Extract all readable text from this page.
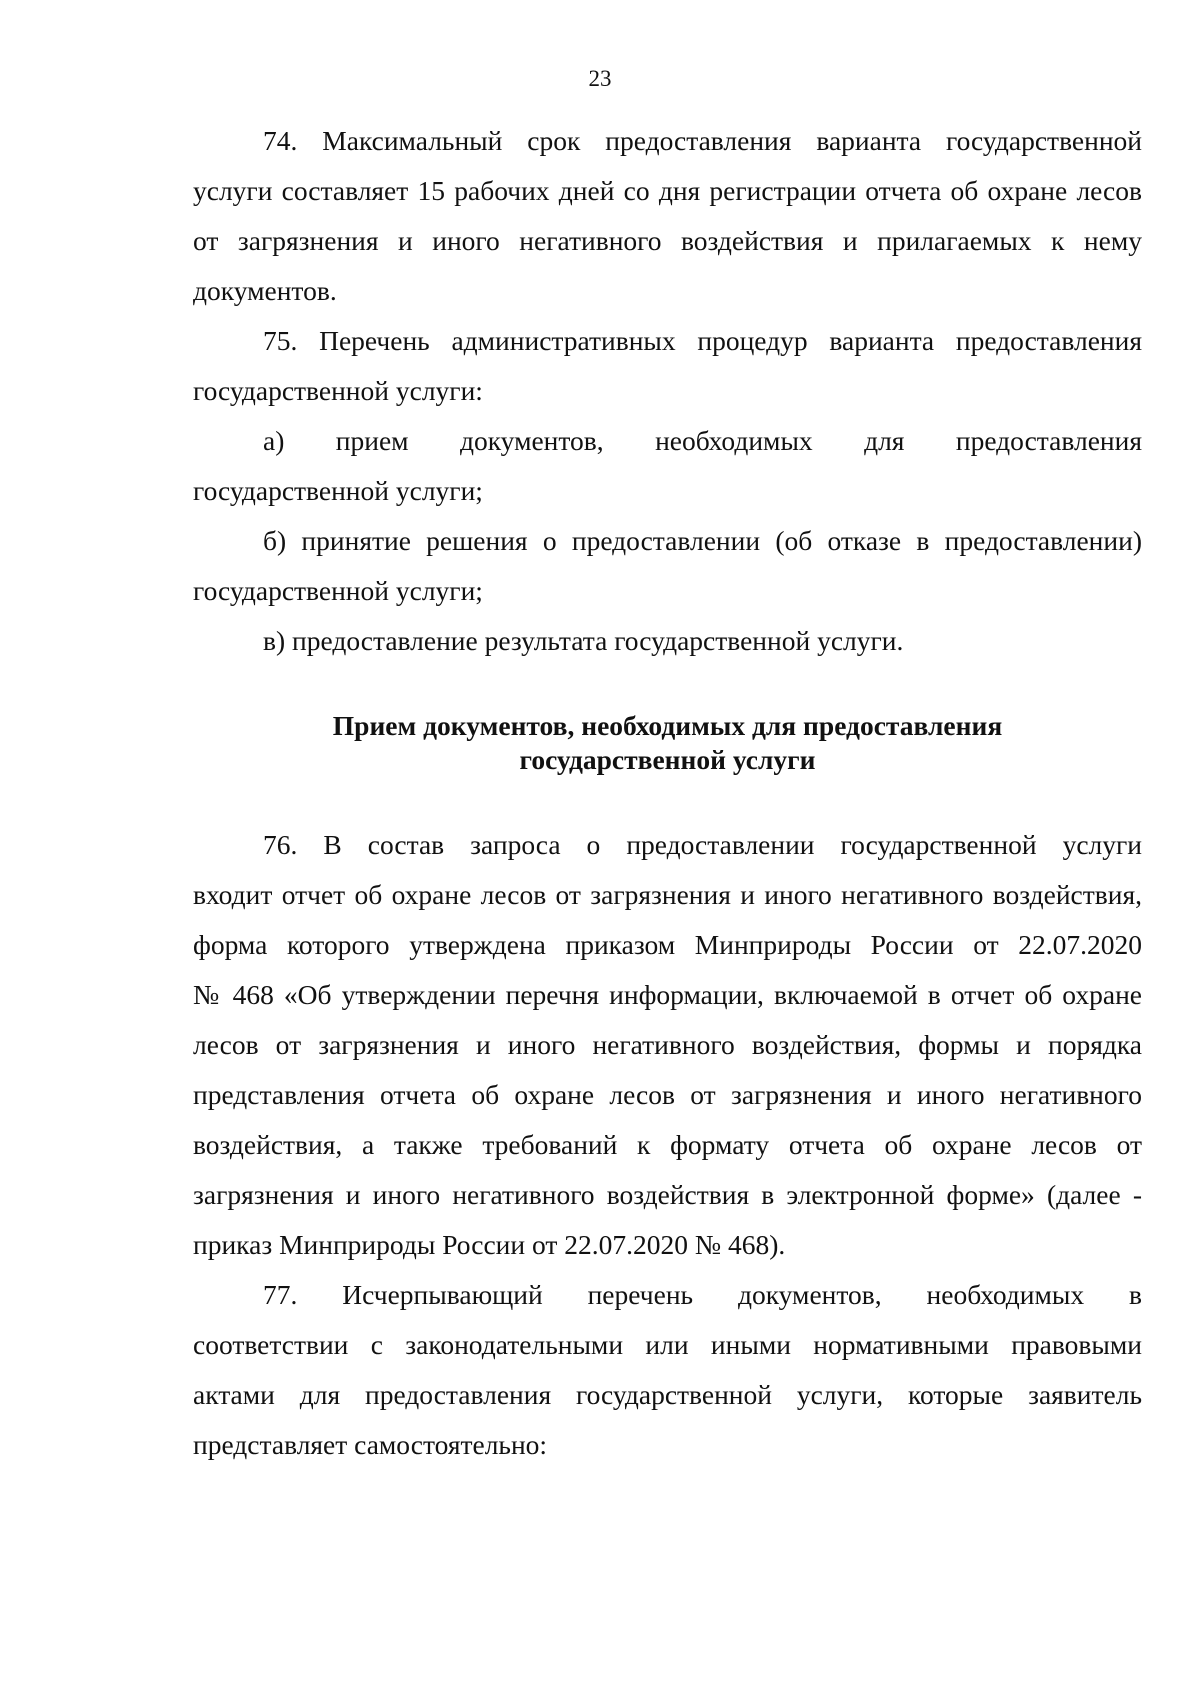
23
74. Максимальный срок предоставления варианта государственной
услуги составляет 15 рабочих дней со дня регистрации отчета об охране лесов
от загрязнения и иного негативного воздействия и прилагаемых к нему
документов.
75. Перечень административных процедур варианта предоставления
государственной услуги:
а) прием документов, необходимых для предоставления
государственной услуги;
б) принятие решения о предоставлении (об отказе в предоставлении)
государственной услуги;
в) предоставление результата государственной услуги.
Прием документов, необходимых для предоставления
государственной услуги
76. В состав запроса о предоставлении государственной услуги
входит отчет об охране лесов от загрязнения и иного негативного воздействия,
форма которого утверждена приказом Минприроды России от 22.07.2020
№ 468 «Об утверждении перечня информации, включаемой в отчет об охране
лесов от загрязнения и иного негативного воздействия, формы и порядка
представления отчета об охране лесов от загрязнения и иного негативного
воздействия, а также требований к формату отчета об охране лесов от
загрязнения и иного негативного воздействия в электронной форме» (далее -
приказ Минприроды России от 22.07.2020 № 468).
77. Исчерпывающий перечень документов, необходимых в
соответствии с законодательными или иными нормативными правовыми
актами для предоставления государственной услуги, которые заявитель
представляет самостоятельно:
